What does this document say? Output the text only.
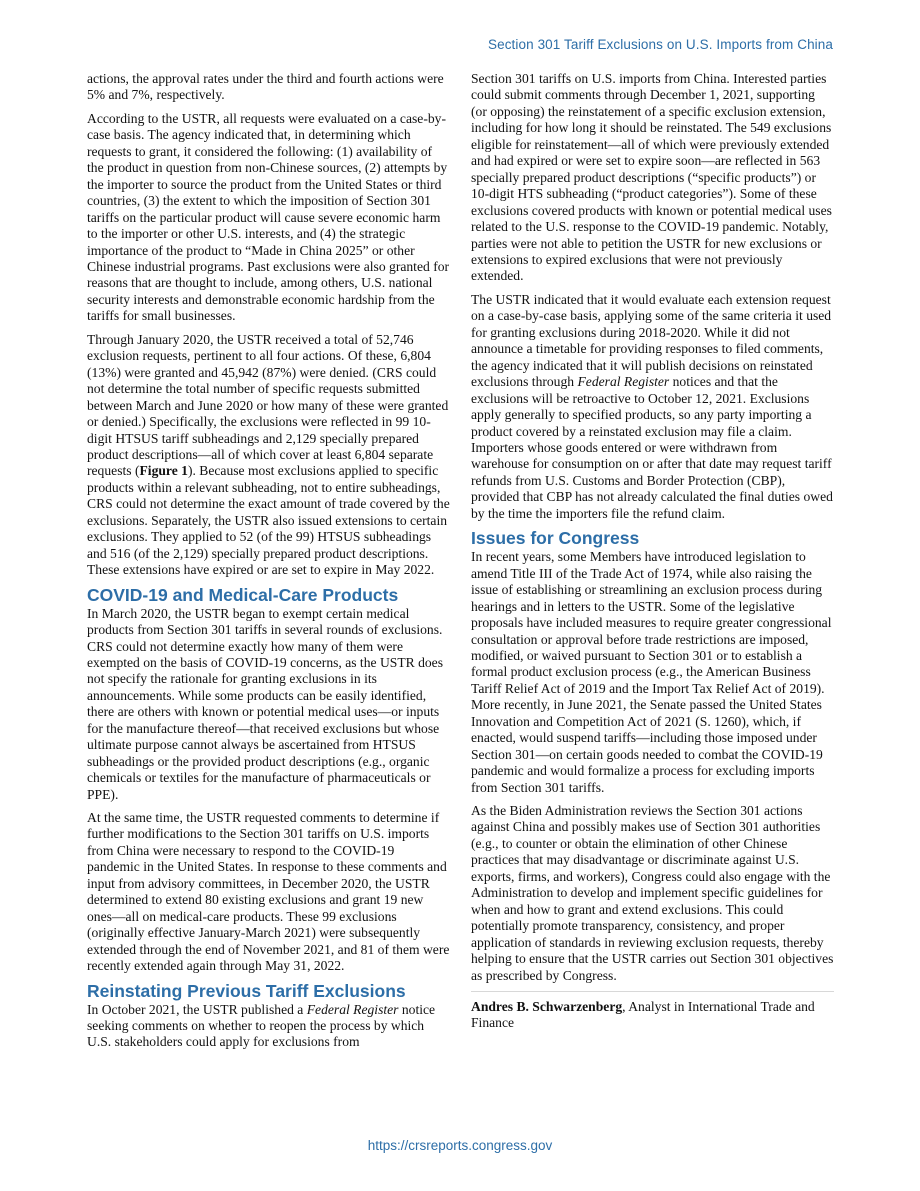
Section 301 Tariff Exclusions on U.S. Imports from China

actions, the approval rates under the third and fourth actions were 5% and 7%, respectively.

According to the USTR, all requests were evaluated on a case-by-case basis. The agency indicated that, in determining which requests to grant, it considered the following: (1) availability of the product in question from non-Chinese sources, (2) attempts by the importer to source the product from the United States or third countries, (3) the extent to which the imposition of Section 301 tariffs on the particular product will cause severe economic harm to the importer or other U.S. interests, and (4) the strategic importance of the product to “Made in China 2025” or other Chinese industrial programs. Past exclusions were also granted for reasons that are thought to include, among others, U.S. national security interests and demonstrable economic hardship from the tariffs for small businesses.

Through January 2020, the USTR received a total of 52,746 exclusion requests, pertinent to all four actions. Of these, 6,804 (13%) were granted and 45,942 (87%) were denied. (CRS could not determine the total number of specific requests submitted between March and June 2020 or how many of these were granted or denied.) Specifically, the exclusions were reflected in 99 10-digit HTSUS tariff subheadings and 2,129 specially prepared product descriptions—all of which cover at least 6,804 separate requests (Figure 1). Because most exclusions applied to specific products within a relevant subheading, not to entire subheadings, CRS could not determine the exact amount of trade covered by the exclusions. Separately, the USTR also issued extensions to certain exclusions. They applied to 52 (of the 99) HTSUS subheadings and 516 (of the 2,129) specially prepared product descriptions. These extensions have expired or are set to expire in May 2022.

COVID-19 and Medical-Care Products

In March 2020, the USTR began to exempt certain medical products from Section 301 tariffs in several rounds of exclusions. CRS could not determine exactly how many of them were exempted on the basis of COVID-19 concerns, as the USTR does not specify the rationale for granting exclusions in its announcements. While some products can be easily identified, there are others with known or potential medical uses—or inputs for the manufacture thereof—that received exclusions but whose ultimate purpose cannot always be ascertained from HTSUS subheadings or the provided product descriptions (e.g., organic chemicals or textiles for the manufacture of pharmaceuticals or PPE).

At the same time, the USTR requested comments to determine if further modifications to the Section 301 tariffs on U.S. imports from China were necessary to respond to the COVID-19 pandemic in the United States. In response to these comments and input from advisory committees, in December 2020, the USTR determined to extend 80 existing exclusions and grant 19 new ones—all on medical-care products. These 99 exclusions (originally effective January-March 2021) were subsequently extended through the end of November 2021, and 81 of them were recently extended again through May 31, 2022.

Reinstating Previous Tariff Exclusions

In October 2021, the USTR published a Federal Register notice seeking comments on whether to reopen the process by which U.S. stakeholders could apply for exclusions from

Section 301 tariffs on U.S. imports from China. Interested parties could submit comments through December 1, 2021, supporting (or opposing) the reinstatement of a specific exclusion extension, including for how long it should be reinstated. The 549 exclusions eligible for reinstatement—all of which were previously extended and had expired or were set to expire soon—are reflected in 563 specially prepared product descriptions (“specific products”) or 10-digit HTS subheading (“product categories”). Some of these exclusions covered products with known or potential medical uses related to the U.S. response to the COVID-19 pandemic. Notably, parties were not able to petition the USTR for new exclusions or extensions to expired exclusions that were not previously extended.

The USTR indicated that it would evaluate each extension request on a case-by-case basis, applying some of the same criteria it used for granting exclusions during 2018-2020. While it did not announce a timetable for providing responses to filed comments, the agency indicated that it will publish decisions on reinstated exclusions through Federal Register notices and that the exclusions will be retroactive to October 12, 2021. Exclusions apply generally to specified products, so any party importing a product covered by a reinstated exclusion may file a claim. Importers whose goods entered or were withdrawn from warehouse for consumption on or after that date may request tariff refunds from U.S. Customs and Border Protection (CBP), provided that CBP has not already calculated the final duties owed by the time the importers file the refund claim.

Issues for Congress

In recent years, some Members have introduced legislation to amend Title III of the Trade Act of 1974, while also raising the issue of establishing or streamlining an exclusion process during hearings and in letters to the USTR. Some of the legislative proposals have included measures to require greater congressional consultation or approval before trade restrictions are imposed, modified, or waived pursuant to Section 301 or to establish a formal product exclusion process (e.g., the American Business Tariff Relief Act of 2019 and the Import Tax Relief Act of 2019). More recently, in June 2021, the Senate passed the United States Innovation and Competition Act of 2021 (S. 1260), which, if enacted, would suspend tariffs—including those imposed under Section 301—on certain goods needed to combat the COVID-19 pandemic and would formalize a process for excluding imports from Section 301 tariffs.

As the Biden Administration reviews the Section 301 actions against China and possibly makes use of Section 301 authorities (e.g., to counter or obtain the elimination of other Chinese practices that may disadvantage or discriminate against U.S. exports, firms, and workers), Congress could also engage with the Administration to develop and implement specific guidelines for when and how to grant and extend exclusions. This could potentially promote transparency, consistency, and proper application of standards in reviewing exclusion requests, thereby helping to ensure that the USTR carries out Section 301 objectives as prescribed by Congress.

Andres B. Schwarzenberg, Analyst in International Trade and Finance

https://crsreports.congress.gov
